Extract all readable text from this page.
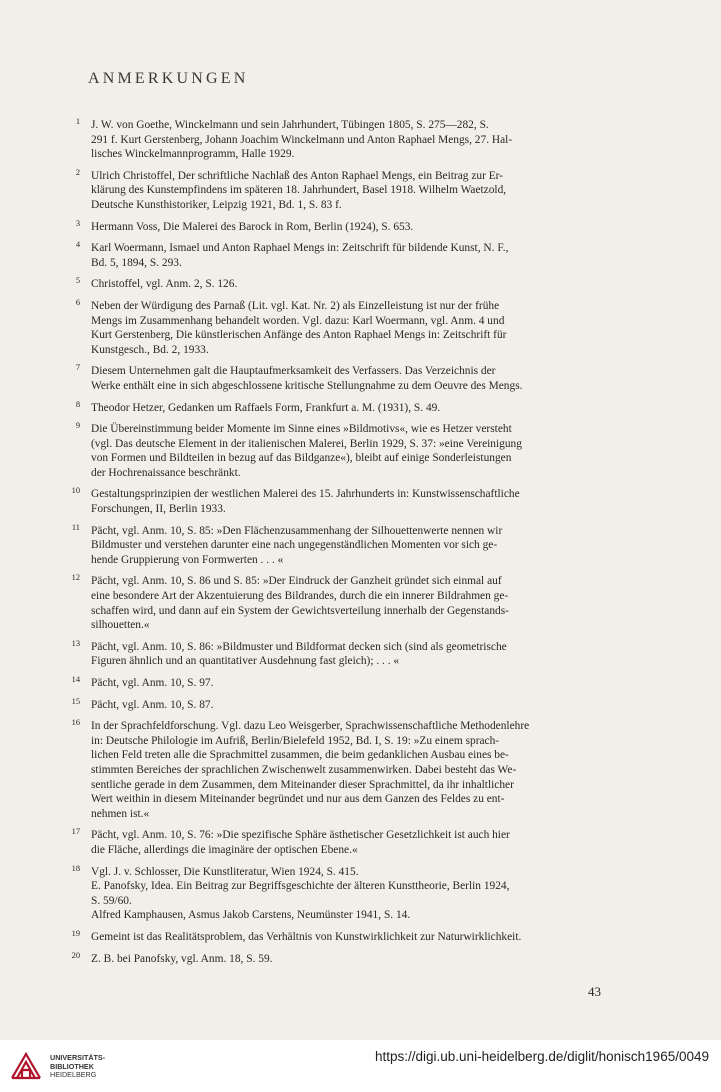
ANMERKUNGEN
1 J. W. von Goethe, Winckelmann und sein Jahrhundert, Tübingen 1805, S. 275—282, S.
291 f. Kurt Gerstenberg, Johann Joachim Winckelmann und Anton Raphael Mengs, 27. Hal-
lisches Winckelmannprogramm, Halle 1929.
2 Ulrich Christoffel, Der schriftliche Nachlaß des Anton Raphael Mengs, ein Beitrag zur Er-
klärung des Kunstempfindens im späteren 18. Jahrhundert, Basel 1918. Wilhelm Waetzold,
Deutsche Kunsthistoriker, Leipzig 1921, Bd. 1, S. 83 f.
3 Hermann Voss, Die Malerei des Barock in Rom, Berlin (1924), S. 653.
4 Karl Woermann, Ismael und Anton Raphael Mengs in: Zeitschrift für bildende Kunst, N. F.,
Bd. 5, 1894, S. 293.
5 Christoffel, vgl. Anm. 2, S. 126.
6 Neben der Würdigung des Parnaß (Lit. vgl. Kat. Nr. 2) als Einzelleistung ist nur der frühe
Mengs im Zusammenhang behandelt worden. Vgl. dazu: Karl Woermann, vgl. Anm. 4 und
Kurt Gerstenberg, Die künstlerischen Anfänge des Anton Raphael Mengs in: Zeitschrift für
Kunstgesch., Bd. 2, 1933.
7 Diesem Unternehmen galt die Hauptaufmerksamkeit des Verfassers. Das Verzeichnis der
Werke enthält eine in sich abgeschlossene kritische Stellungnahme zu dem Oeuvre des Mengs.
8 Theodor Hetzer, Gedanken um Raffaels Form, Frankfurt a. M. (1931), S. 49.
9 Die Übereinstimmung beider Momente im Sinne eines »Bildmotivs«, wie es Hetzer versteht
(vgl. Das deutsche Element in der italienischen Malerei, Berlin 1929, S. 37: »eine Vereinigung
von Formen und Bildteilen in bezug auf das Bildganze«), bleibt auf einige Sonderleistungen
der Hochrenaissance beschränkt.
10 Gestaltungsprinzipien der westlichen Malerei des 15. Jahrhunderts in: Kunstwissenschaftliche
Forschungen, II, Berlin 1933.
11 Pächt, vgl. Anm. 10, S. 85: »Den Flächenzusammenhang der Silhouettenwerte nennen wir
Bildmuster und verstehen darunter eine nach ungegenständlichen Momenten vor sich ge-
hende Gruppierung von Formwerten . . . «
12 Pächt, vgl. Anm. 10, S. 86 und S. 85: »Der Eindruck der Ganzheit gründet sich einmal auf
eine besondere Art der Akzentuierung des Bildrandes, durch die ein innerer Bildrahmen ge-
schaffen wird, und dann auf ein System der Gewichtsverteilung innerhalb der Gegenstands-
silhouetten.«
13 Pächt, vgl. Anm. 10, S. 86: »Bildmuster und Bildformat decken sich (sind als geometrische
Figuren ähnlich und an quantitativer Ausdehnung fast gleich); . . . «
14 Pächt, vgl. Anm. 10, S. 97.
15 Pächt, vgl. Anm. 10, S. 87.
16 In der Sprachfeldforschung. Vgl. dazu Leo Weisgerber, Sprachwissenschaftliche Methodenlehre
in: Deutsche Philologie im Aufriß, Berlin/Bielefeld 1952, Bd. I, S. 19: »Zu einem sprach-
lichen Feld treten alle die Sprachmittel zusammen, die beim gedanklichen Ausbau eines be-
stimmten Bereiches der sprachlichen Zwischenwelt zusammenwirken. Dabei besteht das We-
sentliche gerade in dem Zusammen, dem Miteinander dieser Sprachmittel, da ihr inhaltlicher
Wert weithin in diesem Miteinander begründet und nur aus dem Ganzen des Feldes zu ent-
nehmen ist.«
17 Pächt, vgl. Anm. 10, S. 76: »Die spezifische Sphäre ästhetischer Gesetzlichkeit ist auch hier
die Fläche, allerdings die imaginäre der optischen Ebene.«
18 Vgl. J. v. Schlosser, Die Kunstliteratur, Wien 1924, S. 415.
E. Panofsky, Idea. Ein Beitrag zur Begriffsgeschichte der älteren Kunsttheorie, Berlin 1924,
S. 59/60.
Alfred Kamphausen, Asmus Jakob Carstens, Neumünster 1941, S. 14.
19 Gemeint ist das Realitätsproblem, das Verhältnis von Kunstwirklichkeit zur Naturwirklichkeit.
20 Z. B. bei Panofsky, vgl. Anm. 18, S. 59.
43
UNIVERSITÄTS-
BIBLIOTHEK
HEIDELBERG
https://digi.ub.uni-heidelberg.de/diglit/honisch1965/0049
